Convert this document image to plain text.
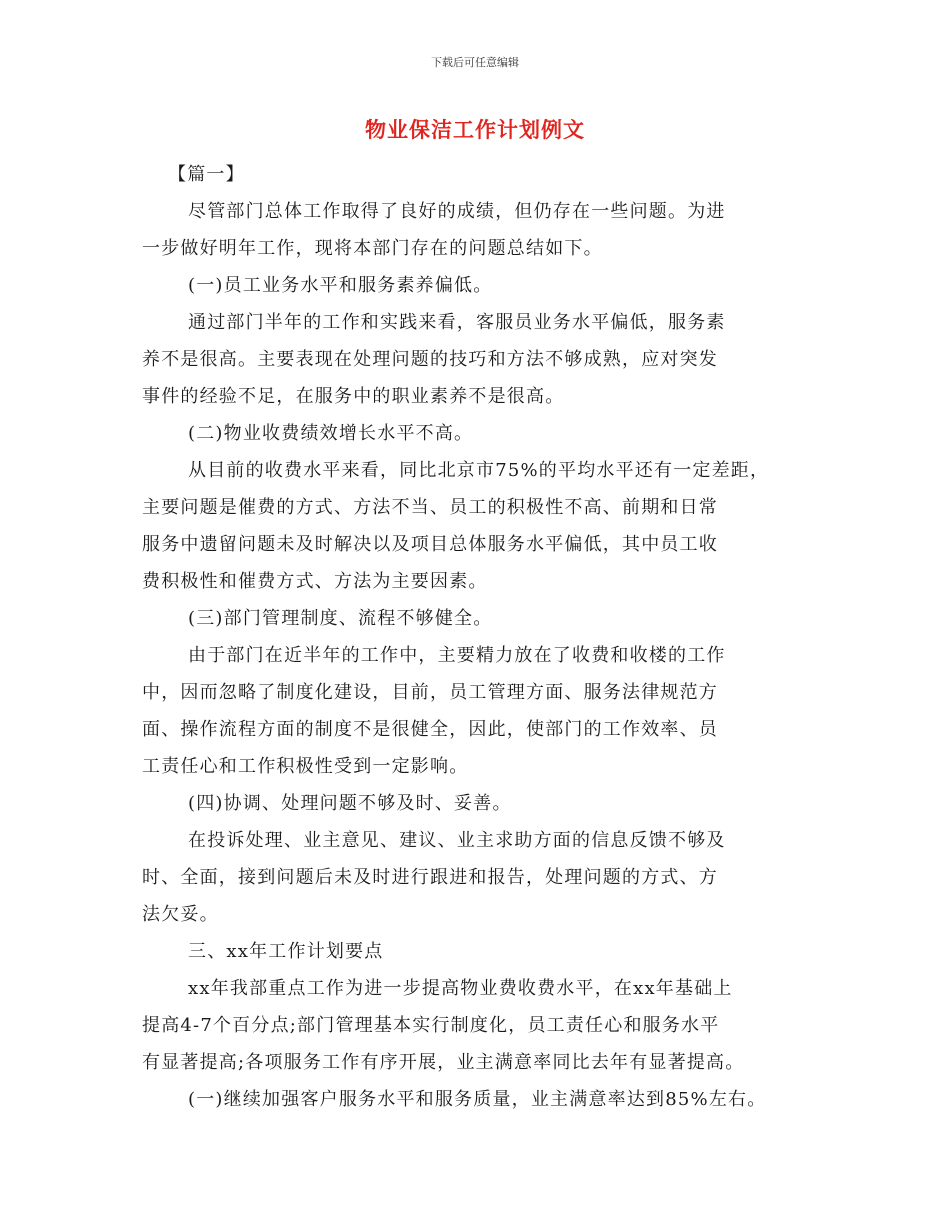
下载后可任意编辑
物业保洁工作计划例文
【篇一】
尽管部门总体工作取得了良好的成绩，但仍存在一些问题。为进
一步做好明年工作，现将本部门存在的问题总结如下。
(一)员工业务水平和服务素养偏低。
通过部门半年的工作和实践来看，客服员业务水平偏低，服务素
养不是很高。主要表现在处理问题的技巧和方法不够成熟，应对突发
事件的经验不足，在服务中的职业素养不是很高。
(二)物业收费绩效增长水平不高。
从目前的收费水平来看，同比北京市75%的平均水平还有一定差距，
主要问题是催费的方式、方法不当、员工的积极性不高、前期和日常
服务中遗留问题未及时解决以及项目总体服务水平偏低，其中员工收
费积极性和催费方式、方法为主要因素。
(三)部门管理制度、流程不够健全。
由于部门在近半年的工作中，主要精力放在了收费和收楼的工作
中，因而忽略了制度化建设，目前，员工管理方面、服务法律规范方
面、操作流程方面的制度不是很健全，因此，使部门的工作效率、员
工责任心和工作积极性受到一定影响。
(四)协调、处理问题不够及时、妥善。
在投诉处理、业主意见、建议、业主求助方面的信息反馈不够及
时、全面，接到问题后未及时进行跟进和报告，处理问题的方式、方
法欠妥。
三、xx年工作计划要点
xx年我部重点工作为进一步提高物业费收费水平，在xx年基础上
提高4-7个百分点;部门管理基本实行制度化，员工责任心和服务水平
有显著提高;各项服务工作有序开展，业主满意率同比去年有显著提高。
(一)继续加强客户服务水平和服务质量，业主满意率达到85%左右。
